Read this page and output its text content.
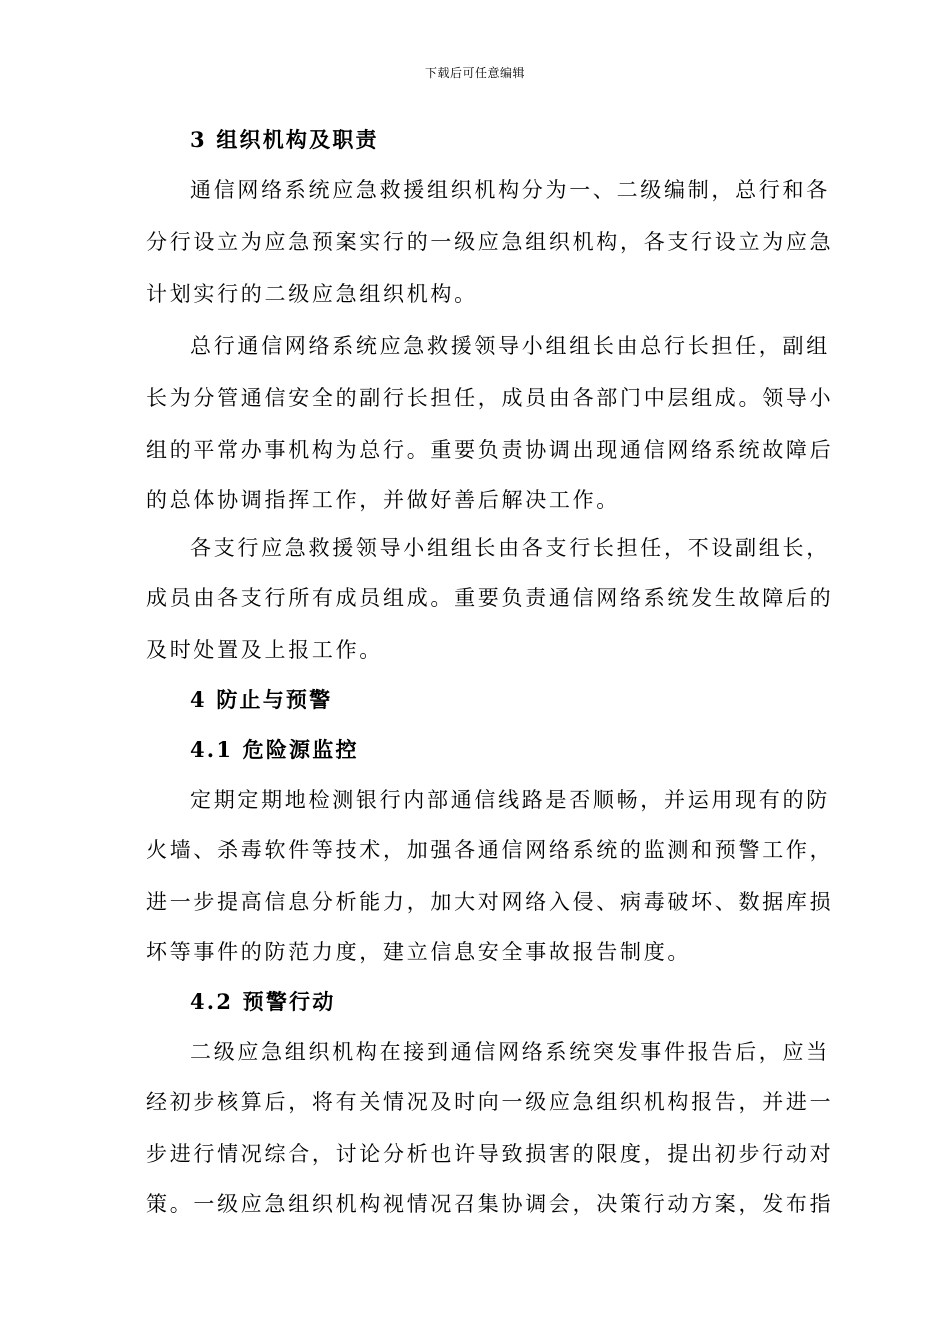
下载后可任意编辑
3 组织机构及职责
通信网络系统应急救援组织机构分为一、二级编制，总行和各
分行设立为应急预案实行的一级应急组织机构，各支行设立为应急
计划实行的二级应急组织机构。
总行通信网络系统应急救援领导小组组长由总行长担任，副组
长为分管通信安全的副行长担任，成员由各部门中层组成。领导小
组的平常办事机构为总行。重要负责协调出现通信网络系统故障后
的总体协调指挥工作，并做好善后解决工作。
各支行应急救援领导小组组长由各支行长担任，不设副组长，
成员由各支行所有成员组成。重要负责通信网络系统发生故障后的
及时处置及上报工作。
4 防止与预警
4.1 危险源监控
定期定期地检测银行内部通信线路是否顺畅，并运用现有的防
火墙、杀毒软件等技术，加强各通信网络系统的监测和预警工作，
进一步提高信息分析能力，加大对网络入侵、病毒破坏、数据库损
坏等事件的防范力度，建立信息安全事故报告制度。
4.2 预警行动
二级应急组织机构在接到通信网络系统突发事件报告后，应当
经初步核算后，将有关情况及时向一级应急组织机构报告，并进一
步进行情况综合，讨论分析也许导致损害的限度，提出初步行动对
策。一级应急组织机构视情况召集协调会，决策行动方案，发布指
